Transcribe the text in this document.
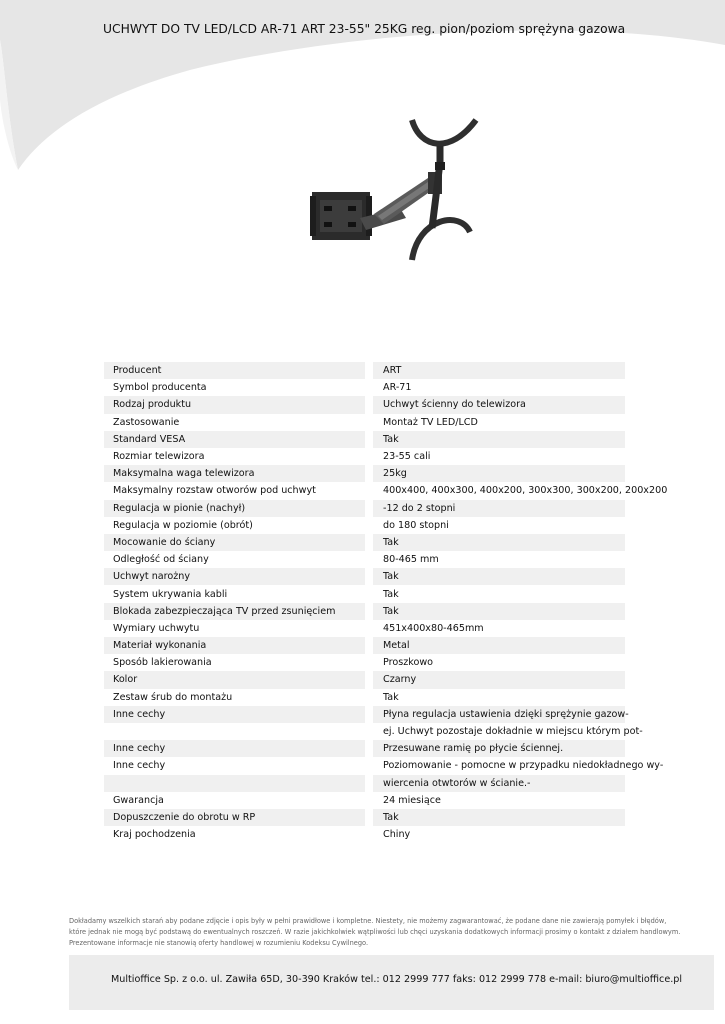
UCHWYT DO TV LED/LCD AR-71 ART 23-55" 25KG reg. pion/poziom sprężyna gazowa
Producent	ART
Symbol producenta	AR-71
Rodzaj produktu	Uchwyt ścienny do telewizora
Zastosowanie	Montaż TV LED/LCD
Standard VESA	Tak
Rozmiar telewizora	23-55 cali
Maksymalna waga telewizora	25kg
Maksymalny rozstaw otworów pod uchwyt	400x400, 400x300, 400x200, 300x300, 300x200, 200x200
Regulacja w pionie (nachył)	-12 do 2 stopni
Regulacja w poziomie (obrót)	do 180 stopni
Mocowanie do ściany	Tak
Odległość od ściany	80-465 mm
Uchwyt narożny	Tak
System ukrywania kabli	Tak
Blokada zabezpieczająca TV przed zsunięciem	Tak
Wymiary uchwytu	451x400x80-465mm
Materiał wykonania	Metal
Sposób lakierowania	Proszkowo
Kolor	Czarny
Zestaw śrub do montażu	Tak
Inne cechy	Płyna regulacja ustawienia dzięki sprężynie gazow-
	ej. Uchwyt pozostaje dokładnie w miejscu którym pot-
Inne cechy	Przesuwane ramię po płycie ściennej.
Inne cechy	Poziomowanie - pomocne w przypadku niedokładnego wy-
	wiercenia otwtorów w ścianie.-
Gwarancja	24 miesiące
Dopuszczenie do obrotu w RP	Tak
Kraj pochodzenia	Chiny
Dokładamy wszelkich starań aby podane zdjęcie i opis były w pełni prawidłowe i kompletne. Niestety, nie możemy zagwarantować, że podane dane nie zawierają pomyłek i błędów,
które jednak nie mogą być podstawą do ewentualnych roszczeń. W razie jakichkolwiek wątpliwości lub chęci uzyskania dodatkowych informacji prosimy o kontakt z działem handlowym.
Prezentowane informacje nie stanowią oferty handlowej w rozumieniu Kodeksu Cywilnego.
Multioffice Sp. z o.o. ul. Zawiła 65D, 30-390 Kraków tel.: 012 2999 777 faks: 012 2999 778 e-mail: biuro@multioffice.pl
